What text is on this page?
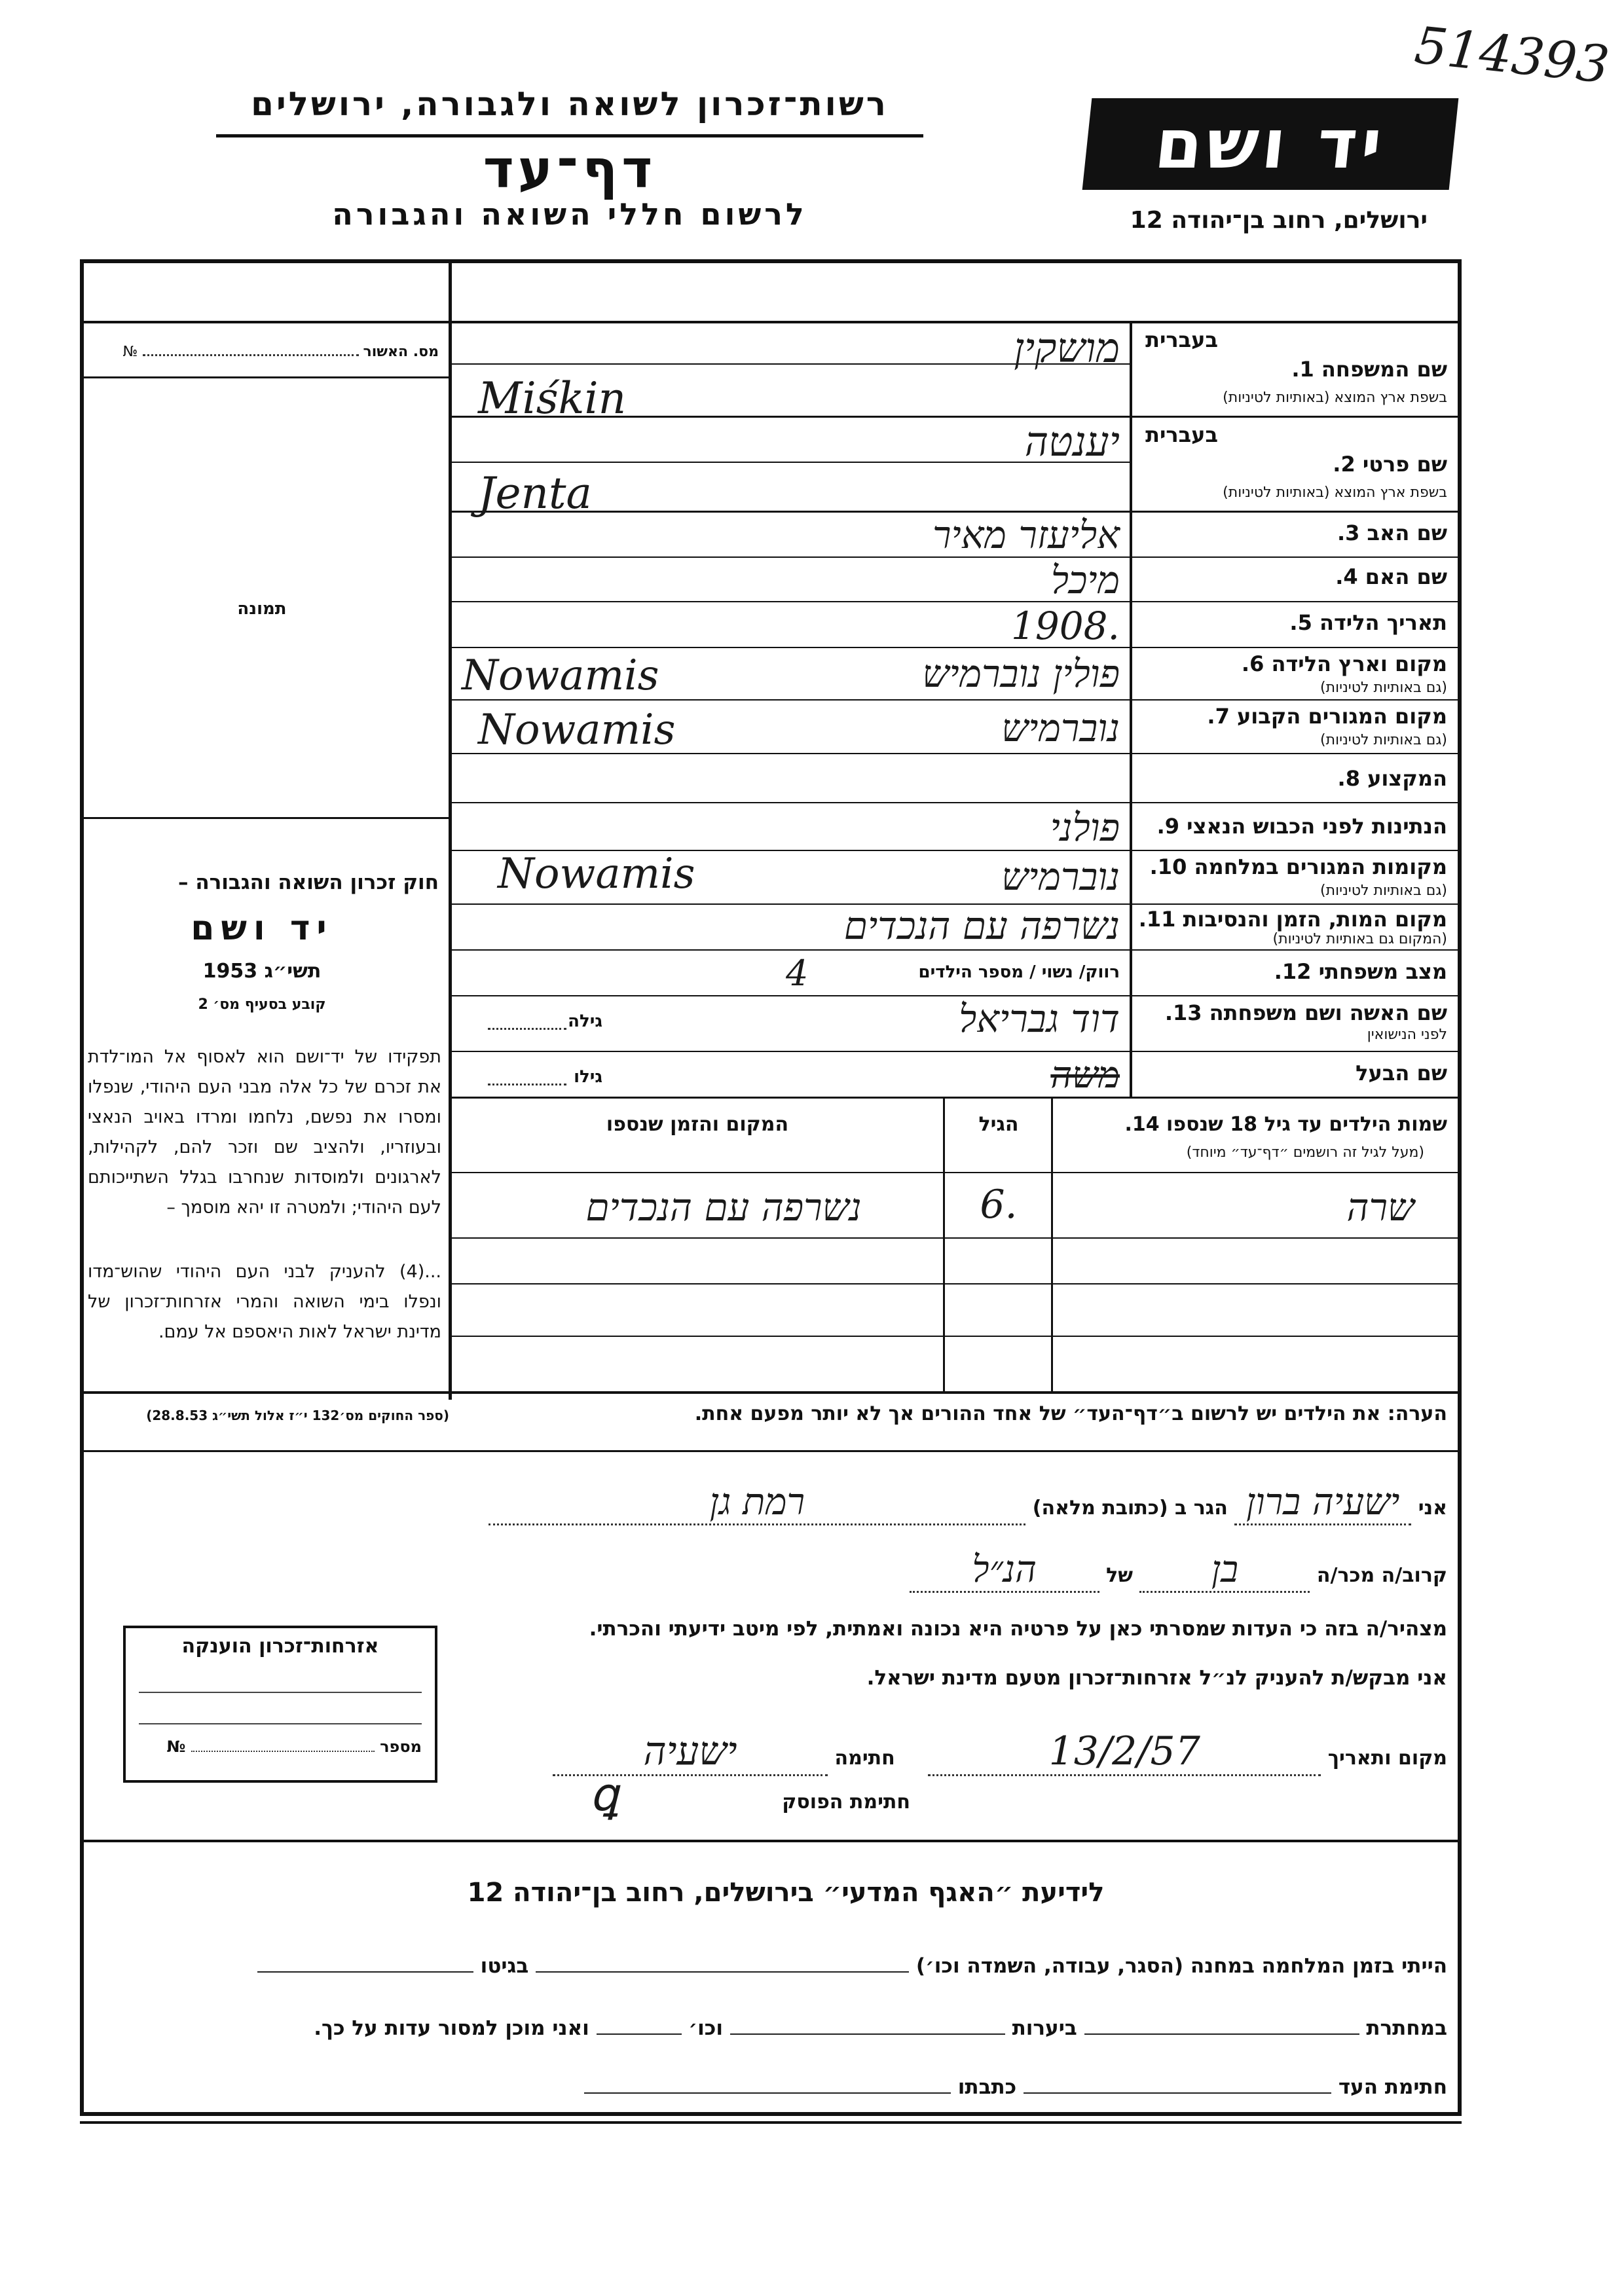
514393
רשות־זכרון לשואה ולגבורה, ירושלים
דף־עד
לרשום חללי השואה והגבורה
יד ושם
ירושלים, רחוב בן־יהודה 12
מס. האשור  №
תמונה
חוק זכרון השואה והגבורה –
יד ושם
תשי״ג 1953
קובע בסעיף מס׳ 2
תפקידו של יד־ושם הוא לאסוף אל המו־לדת את זכרם של כל אלה מבני העם היהודי, שנפלו ומסרו את נפשם, נלחמו ומרדו באויב הנאצי ובעוזריו, ולהציב שם וזכר להם, לקהילות, לארגונים ולמוסדות שנחרבו בגלל השתייכותם לעם היהודי; ולמטרה זו יהא מוסמך –
...(4) להעניק לבני העם היהודי שהוש־מדו ונפלו בימי השואה והמרי אזרחות־זכרון של מדינת ישראל לאות היאספם אל עמם.
(ספר החוקים מס׳132 י״ז אלול תשי״ג 28.8.53)
בעברית
שם המשפחה 1.
בשפת ארץ המוצא (באותיות לטיניות)
מושקין
Miśkin
בעברית
שם פרטי 2.
בשפת ארץ המוצא (באותיות לטיניות)
יענטה
Jenta
שם האב 3.
אליעזר מאיר
שם האם 4.
מיכל
תאריך הלידה 5.
1908.
מקום וארץ הלידה 6.
(גם באותיות לטיניות)
פולין נוברמיש
Nowamis
מקום המגורים הקבוע 7.
(גם באותיות לטיניות)
נוברמיש
Nowamis
המקצוע 8.
הנתינות לפני הכבוש הנאצי 9.
פולני
מקומות המגורים במלחמה 10.
(גם באותיות לטיניות)
נוברמיש
Nowamis
מקום המות, הזמן והנסיבות 11.
(המקום גם באותיות לטיניות)
נשרפה עם הנכדים
מצב משפחתי 12.
רווק/ נשוי / מספר הילדים
4
שם האשה ושם משפחתה 13.
לפני הנישואין
דוד גבריאל
גילה
שם הבעל
משה
גילו
שמות הילדים עד גיל 18 שנספו 14.
(מעל לגיל זה רושמים ״דף־עד״ מיוחד)
הגיל
המקום והזמן שנספו
שרה
6.
נשרפה עם הנכדים
הערה: את הילדים יש לרשום ב״דף־העד״ של אחד ההורים אך לא יותר מפעם אחת.
אני ישעיה ברון הגר ב (כתובת מלאה) רמת גן
קרוב/ה מכר/ה בן של הנ״ל
מצהיר/ה בזה כי העדות שמסרתי כאן על פרטיה היא נכונה ואמתית, לפי מיטב ידיעתי והכרתי.
אני מבקש/ת להעניק לנ״ל אזרחות־זכרון מטעם מדינת ישראל.
מקום ותאריך 13/2/57 חתימה ישעיה
חתימת הפוסק
ꝗ
אזרחות־זכרון הוענקה
מספר  №
לידיעת ״האגף המדעי״ בירושלים, רחוב בן־יהודה 12
הייתי בזמן המלחמה במחנה (הסגר, עבודה, השמדה וכו׳)  בגיטו
במחתרת  ביערות  וכו׳  ואני מוכן למסור עדות על כך.
חתימת העד  כתבתו
